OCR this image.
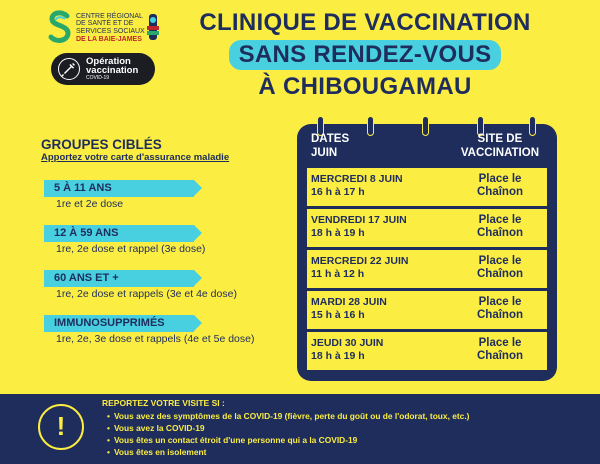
CENTRE RÉGIONAL
DE SANTÉ ET DE
SERVICES SOCIAUX
DE LA BAIE-JAMES
Opération
vaccination
COVID-19
CLINIQUE DE VACCINATION
SANS RENDEZ-VOUS
À CHIBOUGAMAU
GROUPES CIBLÉS
Apportez votre carte d'assurance maladie
5 À 11 ANS
1re et 2e dose
12 À 59 ANS
1re, 2e dose et rappel (3e dose)
60 ANS ET +
1re, 2e dose et rappels (3e et 4e dose)
IMMUNOSUPPRIMÉS
1re, 2e, 3e dose et rappels (4e et 5e dose)
DATES
JUIN
SITE DE
VACCINATION
MERCREDI 8 JUIN
16 h à 17 h
Place le
Chaînon
VENDREDI 17 JUIN
18 h à 19 h
Place le
Chaînon
MERCREDI 22 JUIN
11 h à 12 h
Place le
Chaînon
MARDI 28 JUIN
15 h à 16 h
Place le
Chaînon
JEUDI 30 JUIN
18 h à 19 h
Place le
Chaînon
!
REPORTEZ VOTRE VISITE SI :
• Vous avez des symptômes de la COVID-19 (fièvre, perte du goût ou de l'odorat, toux, etc.)
• Vous avez la COVID-19
• Vous êtes un contact étroit d'une personne qui a la COVID-19
• Vous êtes en isolement
